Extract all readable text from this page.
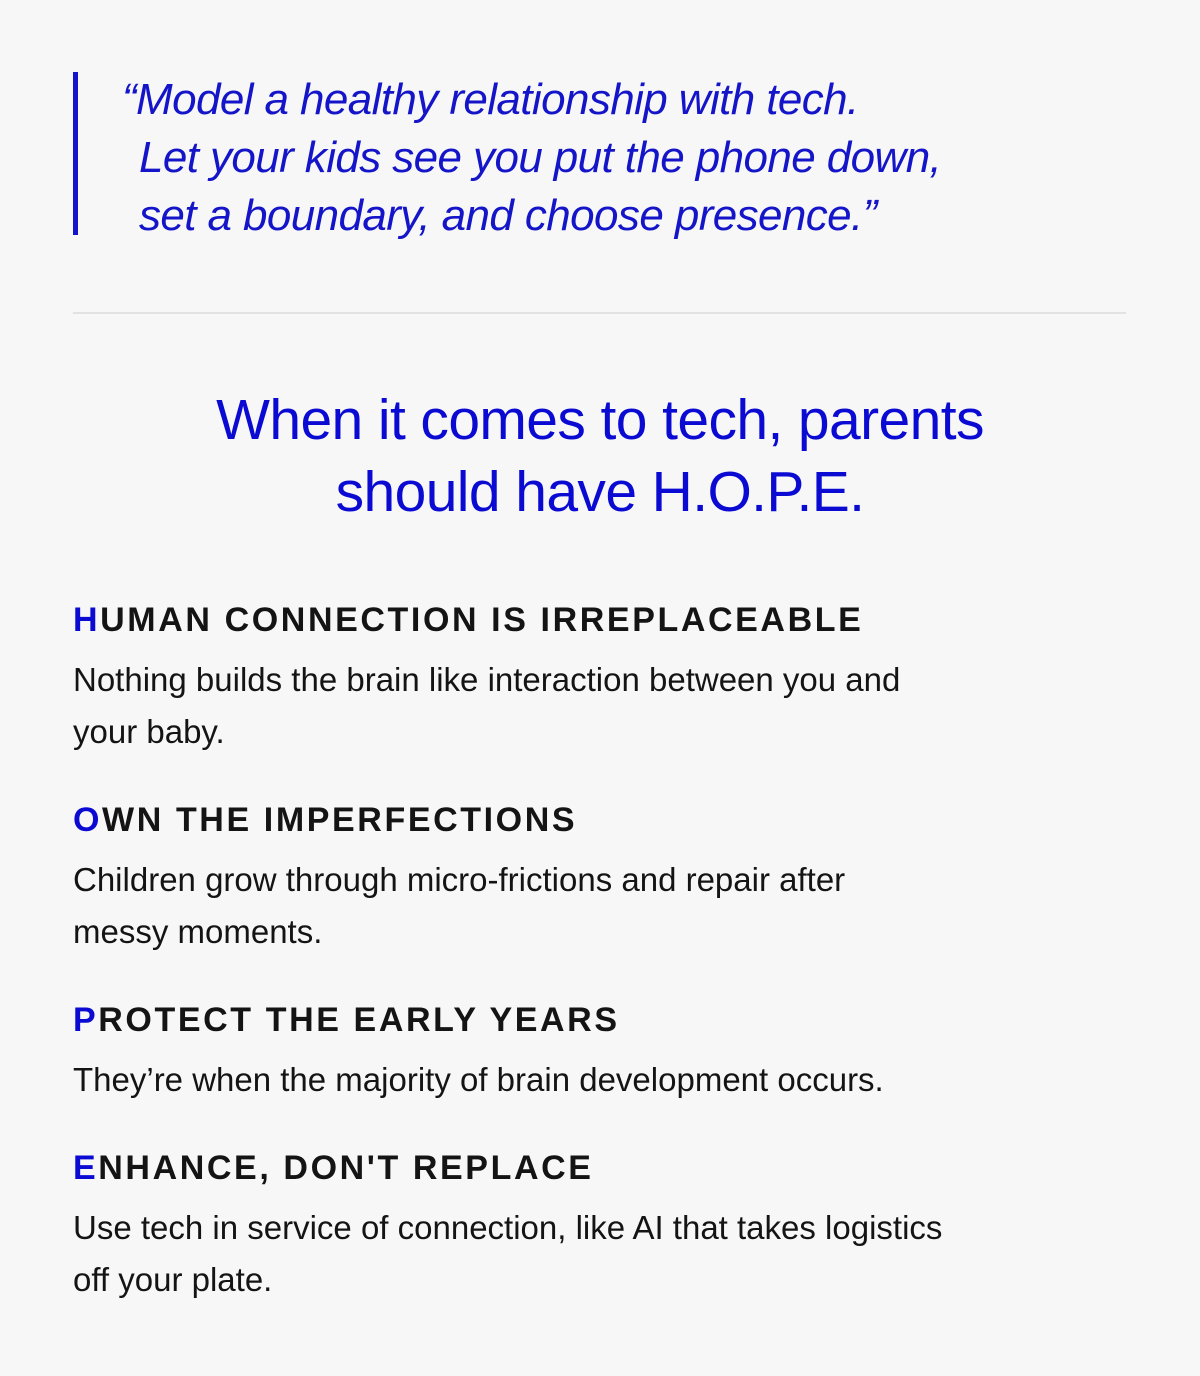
“Model a healthy relationship with tech.
Let your kids see you put the phone down,
set a boundary, and choose presence.”
When it comes to tech, parents
should have H.O.P.E.
HUMAN CONNECTION IS IRREPLACEABLE
Nothing builds the brain like interaction between you and
your baby.
OWN THE IMPERFECTIONS
Children grow through micro-frictions and repair after
messy moments.
PROTECT THE EARLY YEARS
They’re when the majority of brain development occurs.
ENHANCE, DON'T REPLACE
Use tech in service of connection, like AI that takes logistics
off your plate.
